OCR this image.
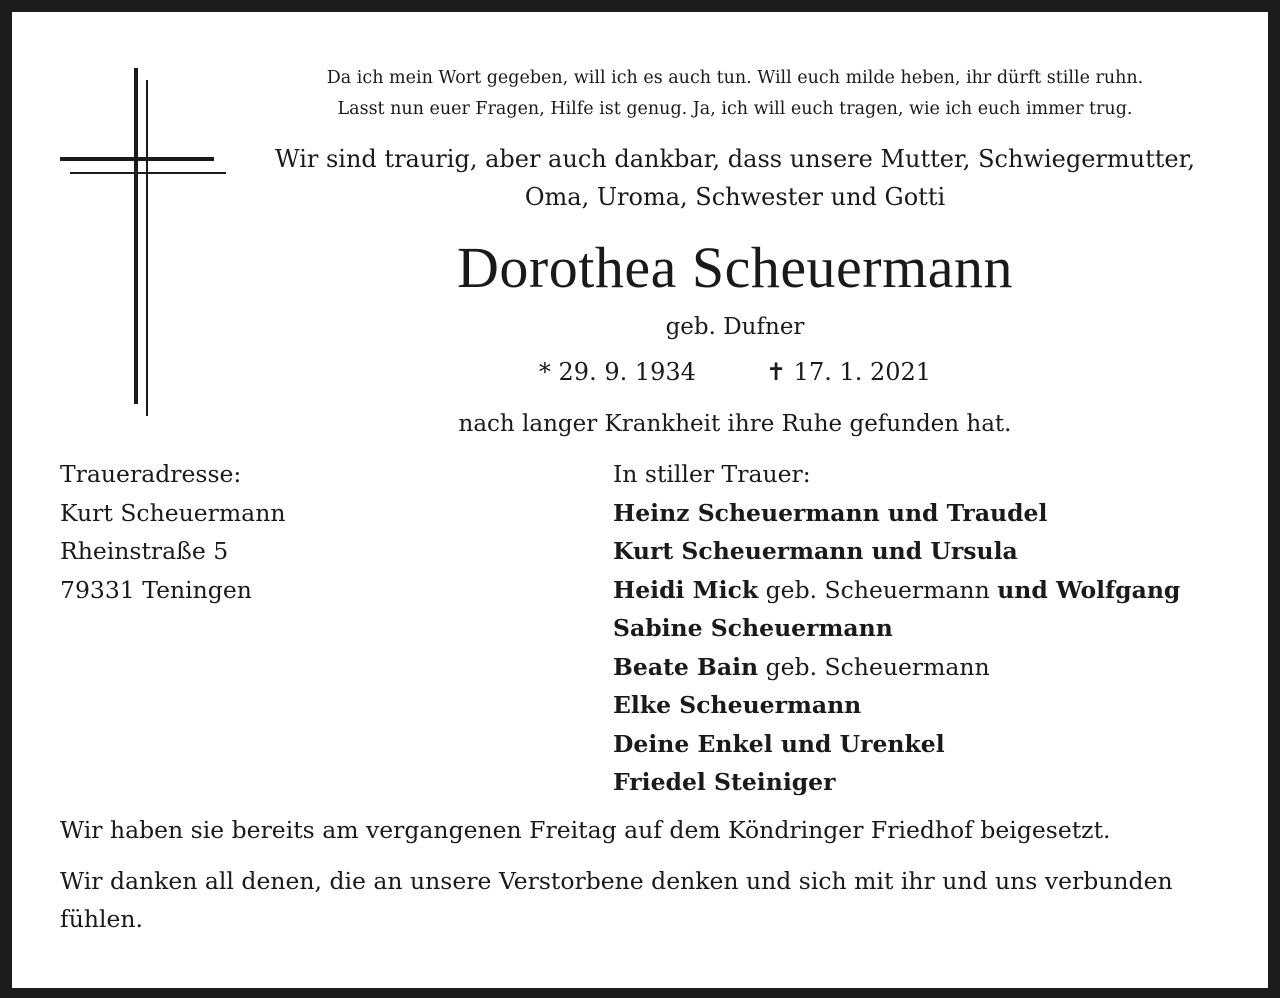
Da ich mein Wort gegeben, will ich es auch tun. Will euch milde heben, ihr dürft stille ruhn.
Lasst nun euer Fragen, Hilfe ist genug. Ja, ich will euch tragen, wie ich euch immer trug.
Wir sind traurig, aber auch dankbar, dass unsere Mutter, Schwiegermutter,
Oma, Uroma, Schwester und Gotti
Dorothea Scheuermann
geb. Dufner
* 29. 9. 1934	✝ 17. 1. 2021
nach langer Krankheit ihre Ruhe gefunden hat.
Traueradresse:
Kurt Scheuermann
Rheinstraße 5
79331 Teningen
In stiller Trauer:
Heinz Scheuermann und Traudel
Kurt Scheuermann und Ursula
Heidi Mick geb. Scheuermann und Wolfgang
Sabine Scheuermann
Beate Bain geb. Scheuermann
Elke Scheuermann
Deine Enkel und Urenkel
Friedel Steiniger
Wir haben sie bereits am vergangenen Freitag auf dem Köndringer Friedhof beigesetzt.
Wir danken all denen, die an unsere Verstorbene denken und sich mit ihr und uns verbunden fühlen.
